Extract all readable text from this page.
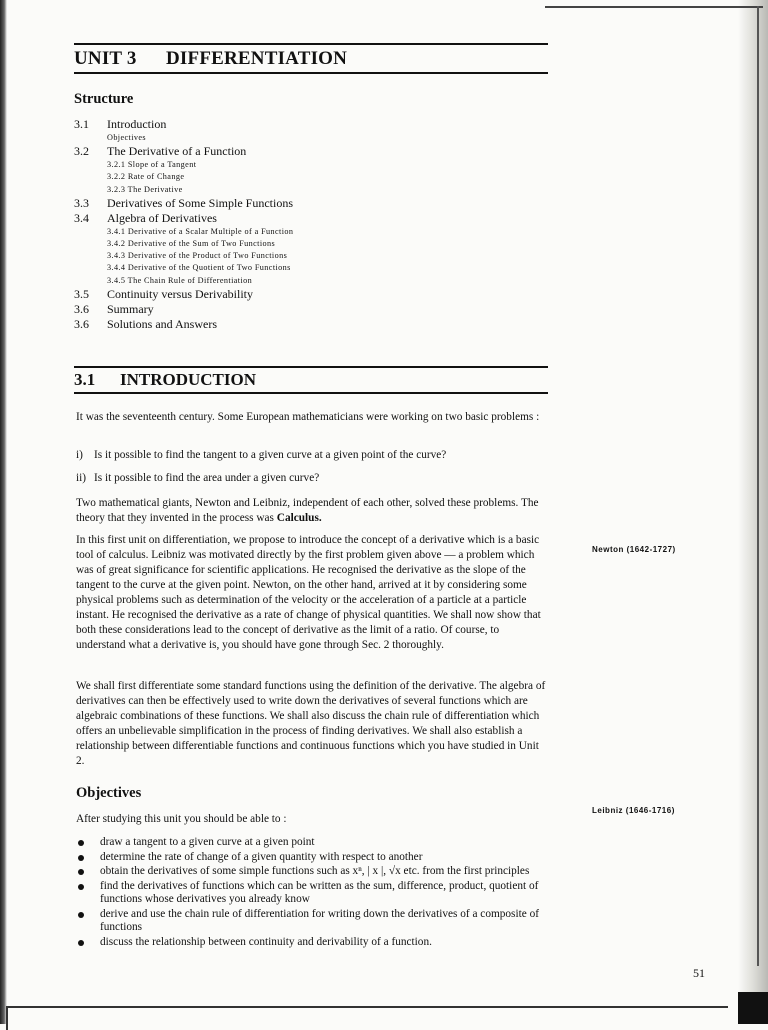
UNIT 3 DIFFERENTIATION
Structure
3.1	Introduction
Objectives
3.2	The Derivative of a Function
3.2.1 Slope of a Tangent
3.2.2 Rate of Change
3.2.3 The Derivative
3.3	Derivatives of Some Simple Functions
3.4	Algebra of Derivatives
3.4.1 Derivative of a Scalar Multiple of a Function
3.4.2 Derivative of the Sum of Two Functions
3.4.3 Derivative of the Product of Two Functions
3.4.4 Derivative of the Quotient of Two Functions
3.4.5 The Chain Rule of Differentiation
3.5	Continuity versus Derivability
3.6	Summary
3.6	Solutions and Answers
3.1 INTRODUCTION

It was the seventeenth century. Some European mathematicians were working on two basic problems :

i) Is it possible to find the tangent to a given curve at a given point of the curve?

ii) Is it possible to find the area under a given curve?

Two mathematical giants, Newton and Leibniz, independent of each other, solved these problems. The theory that they invented in the process was Calculus.

In this first unit on differentiation, we propose to introduce the concept of a derivative which is a basic tool of calculus. Leibniz was motivated directly by the first problem given above — a problem which was of great significance for scientific applications. He recognised the derivative as the slope of the tangent to the curve at the given point. Newton, on the other hand, arrived at it by considering some physical problems such as determination of the velocity or the acceleration of a particle at a particle instant. He recognised the derivative as a rate of change of physical quantities. We shall now show that both these considerations lead to the concept of derivative as the limit of a ratio. Of course, to understand what a derivative is, you should have gone through Sec. 2 thoroughly.

We shall first differentiate some standard functions using the definition of the derivative. The algebra of derivatives can then be effectively used to write down the derivatives of several functions which are algebraic combinations of these functions. We shall also discuss the chain rule of differentiation which offers an unbelievable simplification in the process of finding derivatives. We shall also establish a relationship between differentiable functions and continuous functions which you have studied in Unit 2.

Newton (1642-1727)
Leibniz (1646-1716)
Objectives

After studying this unit you should be able to :

draw a tangent to a given curve at a given point
determine the rate of change of a given quantity with respect to another
obtain the derivatives of some simple functions such as xⁿ, | x |, √x etc. from the first principles
find the derivatives of functions which can be written as the sum, difference, product, quotient of functions whose derivatives you already know
derive and use the chain rule of differentiation for writing down the derivatives of a composite of functions
discuss the relationship between continuity and derivability of a function.
51
